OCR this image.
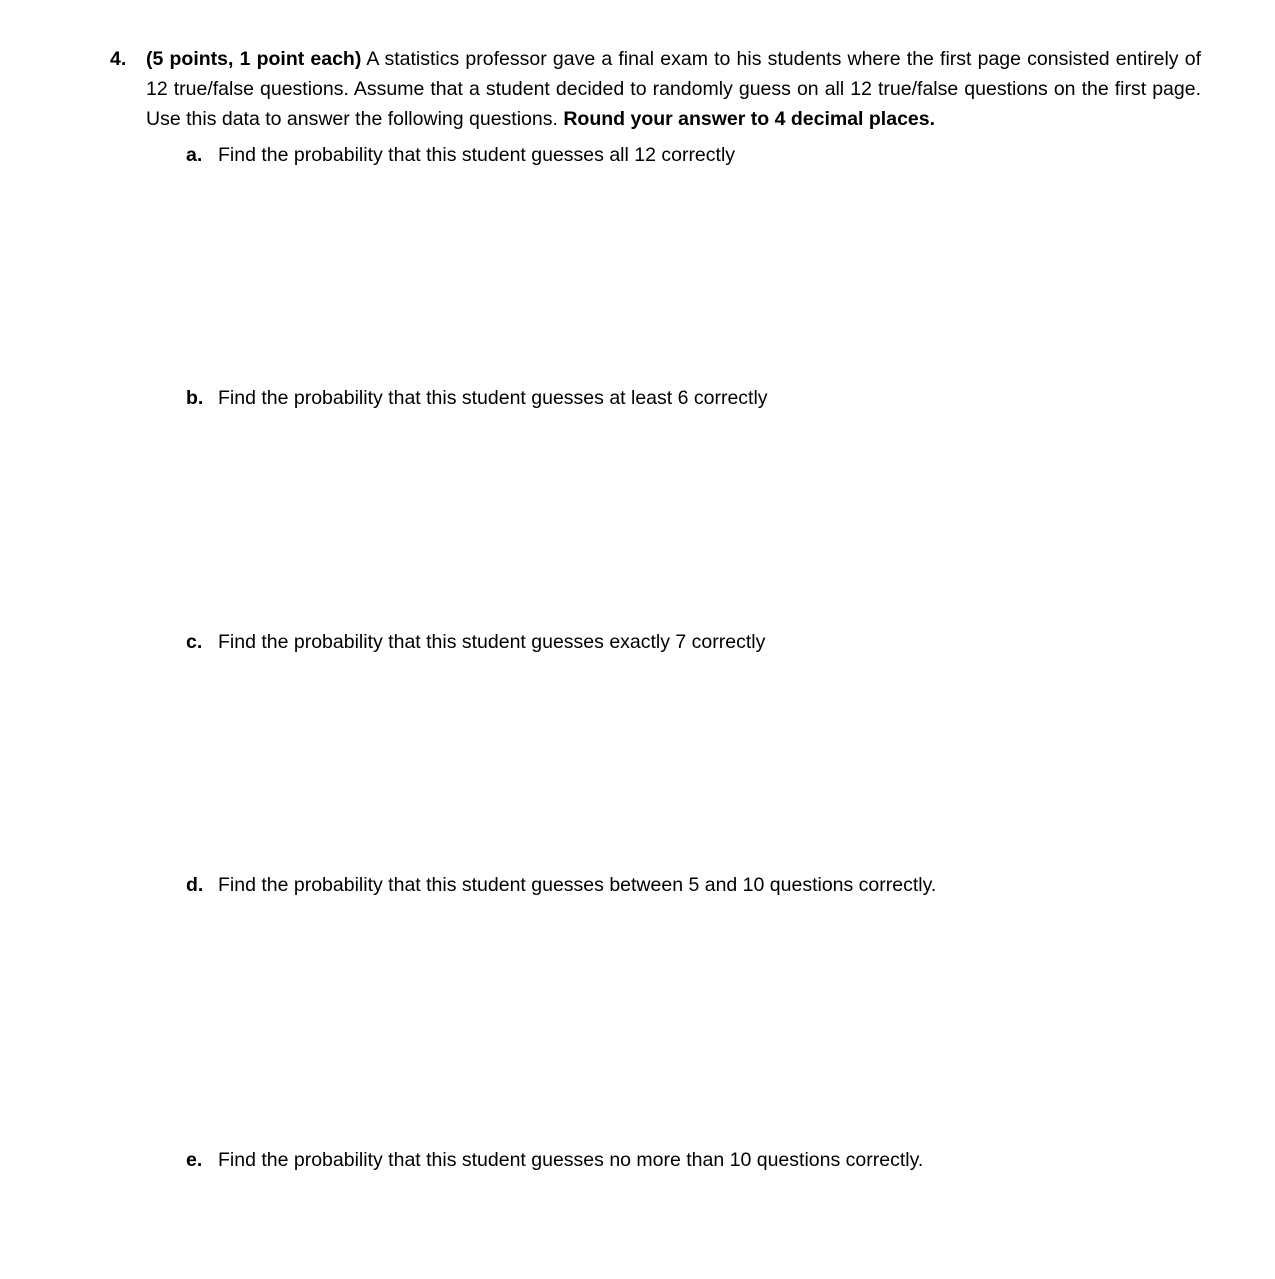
4.	(5 points, 1 point each) A statistics professor gave a final exam to his students where the first page consisted entirely of 12 true/false questions. Assume that a student decided to randomly guess on all 12 true/false questions on the first page. Use this data to answer the following questions. Round your answer to 4 decimal places.
a. Find the probability that this student guesses all 12 correctly
b. Find the probability that this student guesses at least 6 correctly
c. Find the probability that this student guesses exactly 7 correctly
d. Find the probability that this student guesses between 5 and 10 questions correctly.
e. Find the probability that this student guesses no more than 10 questions correctly.
